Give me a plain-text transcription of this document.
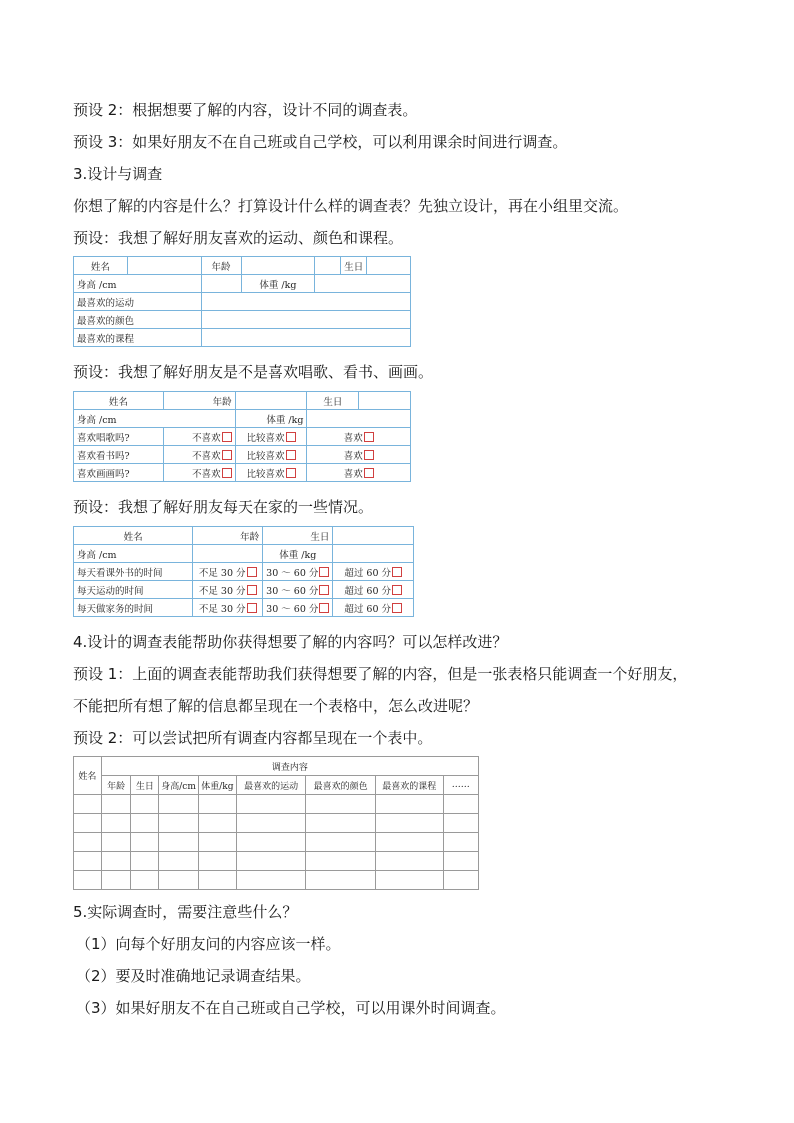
预设 2：根据想要了解的内容，设计不同的调查表。

预设 3：如果好朋友不在自己班或自己学校，可以利用课余时间进行调查。

3.设计与调查

你想了解的内容是什么？打算设计什么样的调查表？先独立设计，再在小组里交流。

预设：我想了解好朋友喜欢的运动、颜色和课程。

姓名		年龄			生日	
身高 /cm			体重 /kg			
最喜欢的运动						
最喜欢的颜色						
最喜欢的课程						

预设：我想了解好朋友是不是喜欢唱歌、看书、画画。

姓名	年龄		生日	
身高 /cm		体重 /kg		
喜欢唱歌吗?	不喜欢	比较喜欢	喜欢	
喜欢看书吗?	不喜欢	比较喜欢	喜欢	
喜欢画画吗?	不喜欢	比较喜欢	喜欢	

预设：我想了解好朋友每天在家的一些情况。

姓名	年龄	生日	
身高 /cm		体重 /kg	
每天看课外书的时间	不足 30 分	30 ～ 60 分	超过 60 分
每天运动的时间	不足 30 分	30 ～ 60 分	超过 60 分
每天做家务的时间	不足 30 分	30 ～ 60 分	超过 60 分

4.设计的调查表能帮助你获得想要了解的内容吗？可以怎样改进？

预设 1：上面的调查表能帮助我们获得想要了解的内容，但是一张表格只能调查一个好朋友，

不能把所有想了解的信息都呈现在一个表格中，怎么改进呢？

预设 2：可以尝试把所有调查内容都呈现在一个表中。

姓名	调查内容							
	年龄	生日	身高/cm	体重/kg	最喜欢的运动	最喜欢的颜色	最喜欢的课程	……

5.实际调查时，需要注意些什么？

（1）向每个好朋友问的内容应该一样。

（2）要及时准确地记录调查结果。

（3）如果好朋友不在自己班或自己学校，可以用课外时间调查。
